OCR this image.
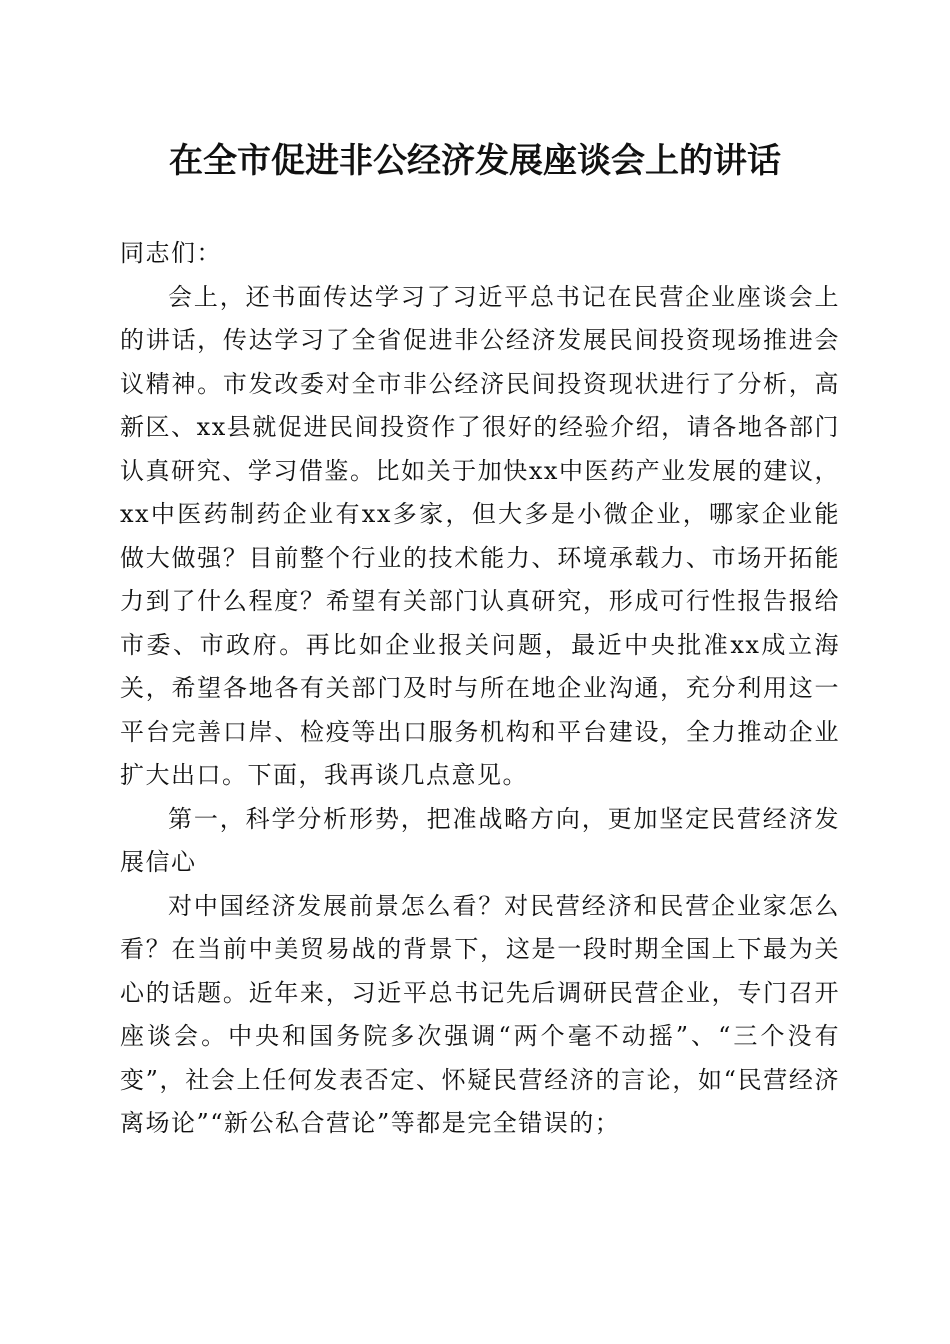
在全市促进非公经济发展座谈会上的讲话

同志们：

会上，还书面传达学习了习近平总书记在民营企业座谈会上的讲话，传达学习了全省促进非公经济发展民间投资现场推进会议精神。市发改委对全市非公经济民间投资现状进行了分析，高新区、xx县就促进民间投资作了很好的经验介绍，请各地各部门认真研究、学习借鉴。比如关于加快xx中医药产业发展的建议，xx中医药制药企业有xx多家，但大多是小微企业，哪家企业能做大做强？目前整个行业的技术能力、环境承载力、市场开拓能力到了什么程度？希望有关部门认真研究，形成可行性报告报给市委、市政府。再比如企业报关问题，最近中央批准xx成立海关，希望各地各有关部门及时与所在地企业沟通，充分利用这一平台完善口岸、检疫等出口服务机构和平台建设，全力推动企业扩大出口。下面，我再谈几点意见。

第一，科学分析形势，把准战略方向，更加坚定民营经济发展信心

对中国经济发展前景怎么看？对民营经济和民营企业家怎么看？在当前中美贸易战的背景下，这是一段时期全国上下最为关心的话题。近年来，习近平总书记先后调研民营企业，专门召开座谈会。中央和国务院多次强调“两个毫不动摇”、“三个没有变”，社会上任何发表否定、怀疑民营经济的言论，如“民营经济离场论”“新公私合营论”等都是完全错误的；
